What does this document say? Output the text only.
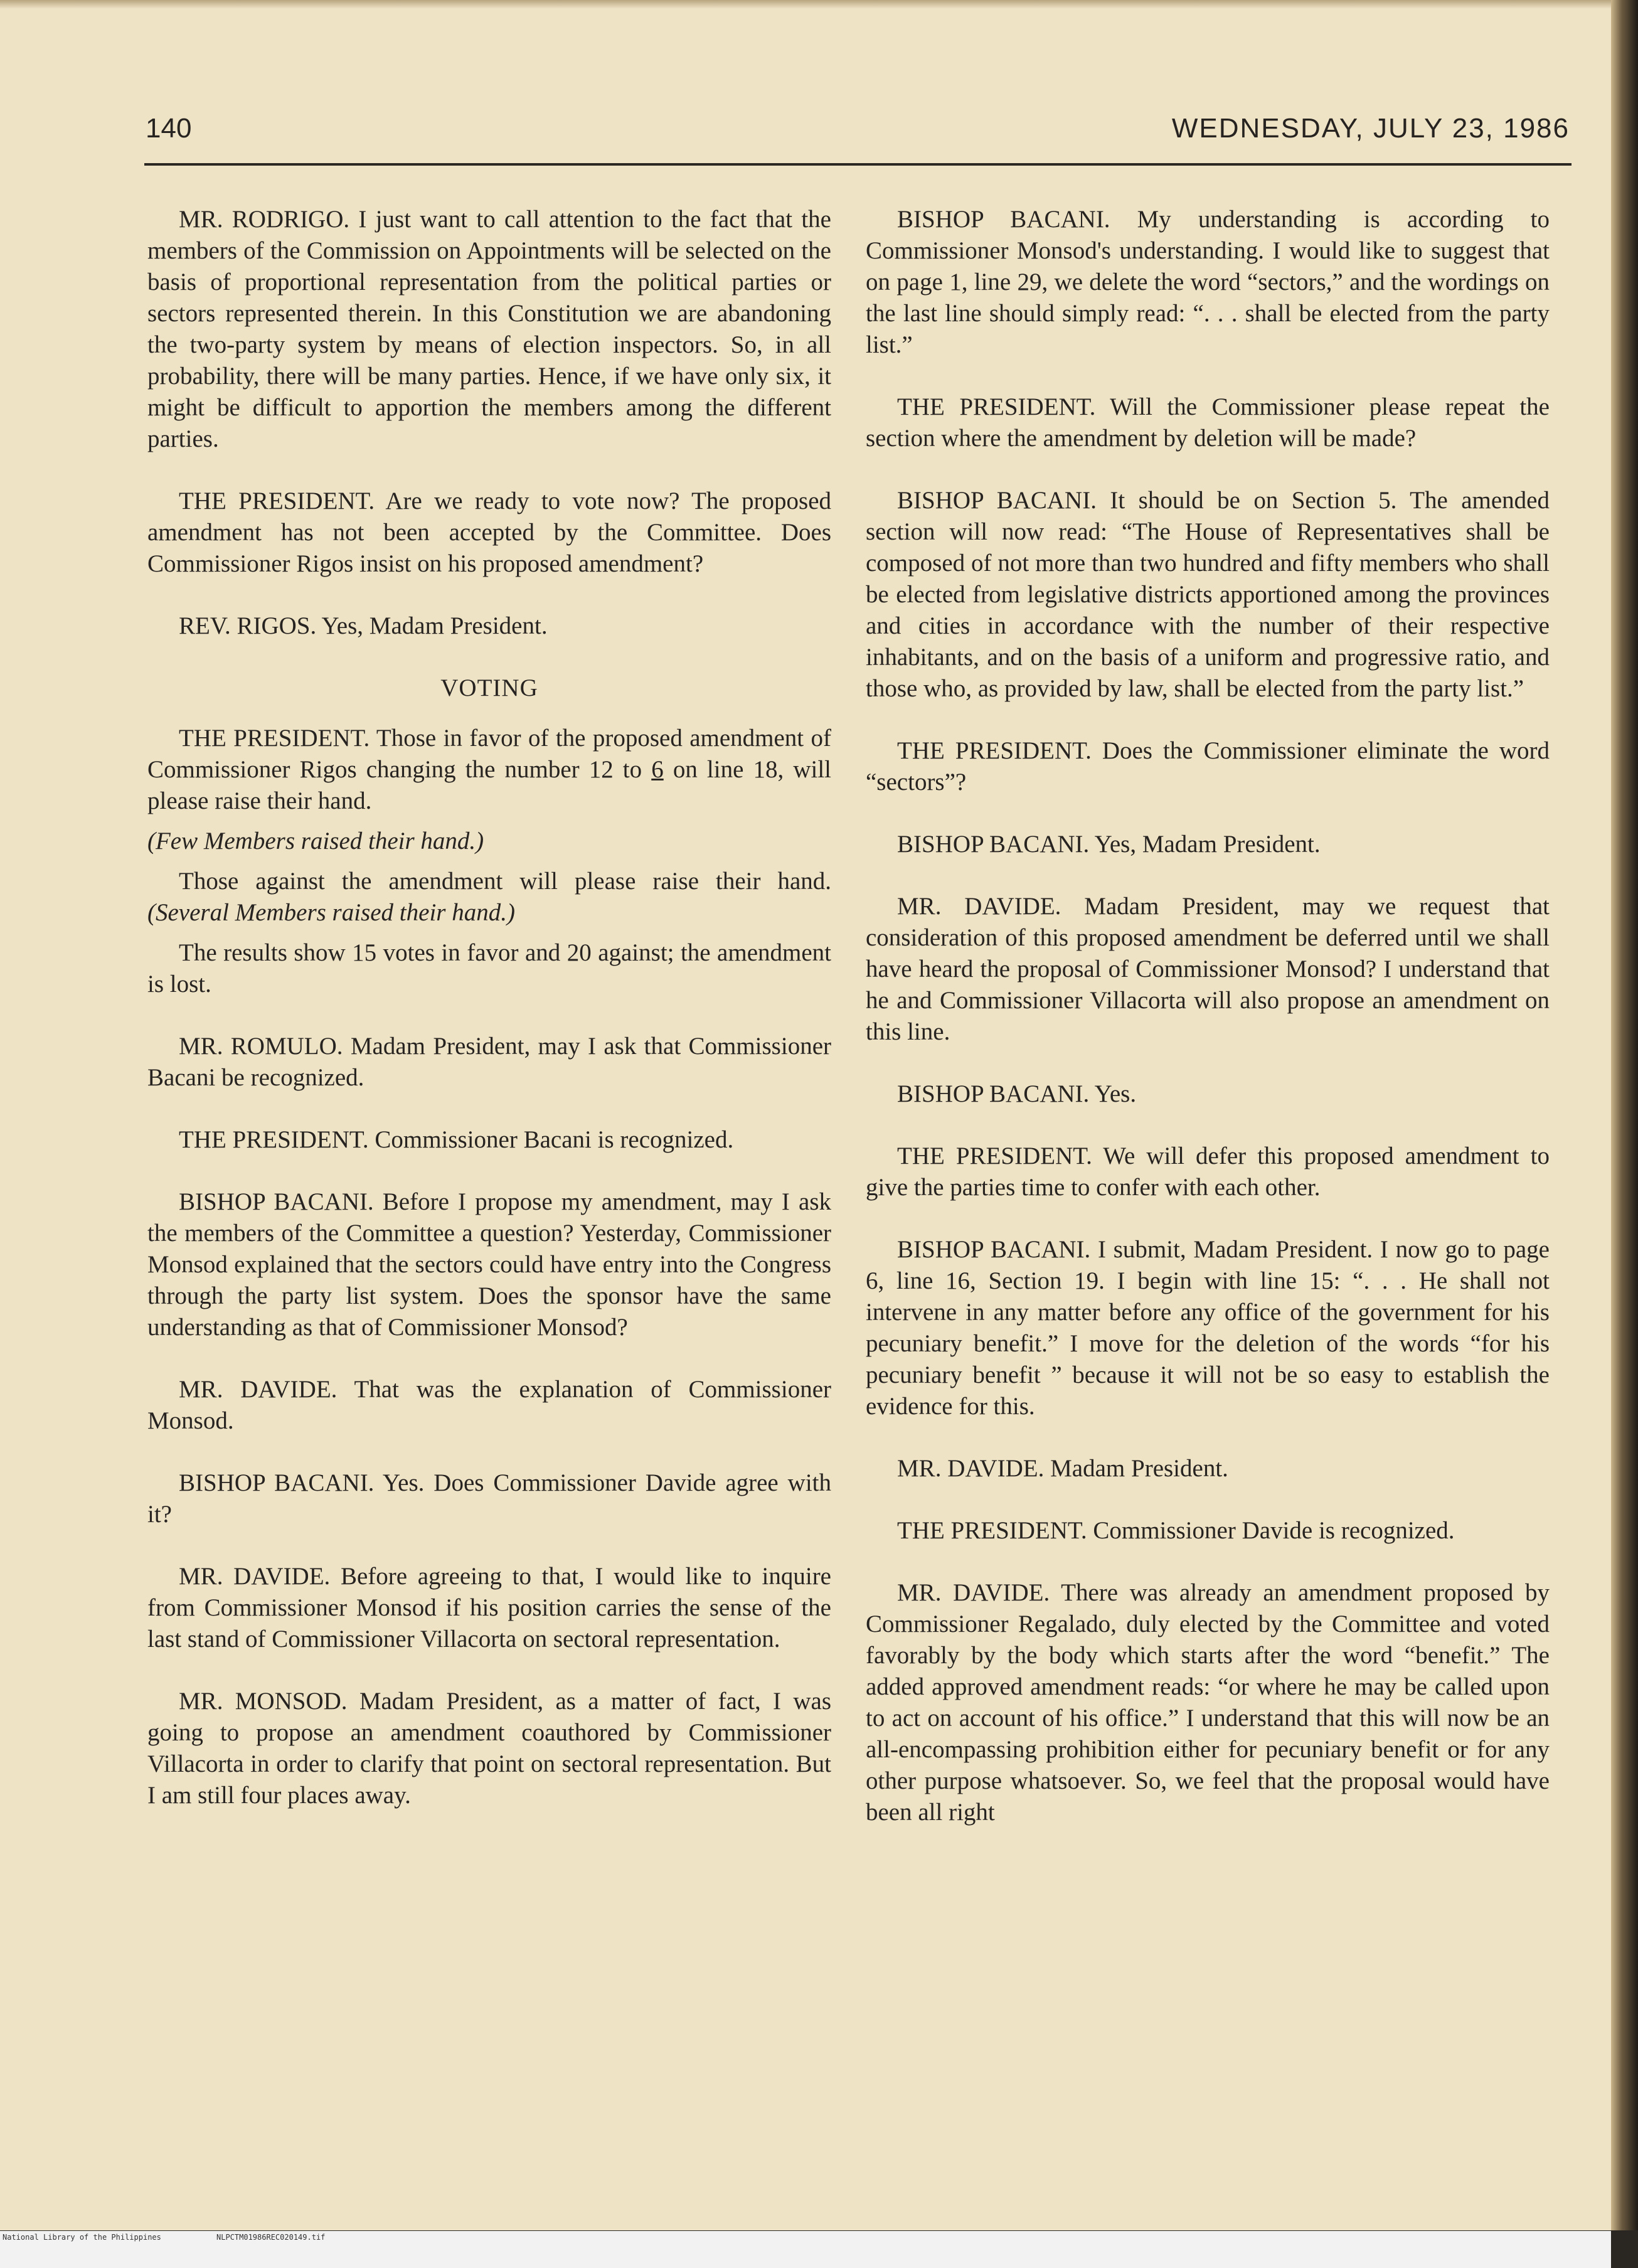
140	WEDNESDAY, JULY 23, 1986

MR. RODRIGO. I just want to call attention to the fact that the members of the Commission on Appointments will be selected on the basis of proportional representation from the political parties or sectors represented therein. In this Constitution we are abandoning the two-party system by means of election inspectors. So, in all probability, there will be many parties. Hence, if we have only six, it might be difficult to apportion the members among the different parties.

THE PRESIDENT. Are we ready to vote now? The proposed amendment has not been accepted by the Committee. Does Commissioner Rigos insist on his proposed amendment?

REV. RIGOS. Yes, Madam President.

VOTING

THE PRESIDENT. Those in favor of the proposed amendment of Commissioner Rigos changing the number 12 to 6 on line 18, will please raise their hand.

(Few Members raised their hand.)

Those against the amendment will please raise their hand. (Several Members raised their hand.)

The results show 15 votes in favor and 20 against; the amendment is lost.

MR. ROMULO. Madam President, may I ask that Commissioner Bacani be recognized.

THE PRESIDENT. Commissioner Bacani is recognized.

BISHOP BACANI. Before I propose my amendment, may I ask the members of the Committee a question? Yesterday, Commissioner Monsod explained that the sectors could have entry into the Congress through the party list system. Does the sponsor have the same understanding as that of Commissioner Monsod?

MR. DAVIDE. That was the explanation of Commissioner Monsod.

BISHOP BACANI. Yes. Does Commissioner Davide agree with it?

MR. DAVIDE. Before agreeing to that, I would like to inquire from Commissioner Monsod if his position carries the sense of the last stand of Commissioner Villacorta on sectoral representation.

MR. MONSOD. Madam President, as a matter of fact, I was going to propose an amendment coauthored by Commissioner Villacorta in order to clarify that point on sectoral representation. But I am still four places away.

BISHOP BACANI. My understanding is according to Commissioner Monsod's understanding. I would like to suggest that on page 1, line 29, we delete the word “sectors,” and the wordings on the last line should simply read: “. . . shall be elected from the party list.”

THE PRESIDENT. Will the Commissioner please repeat the section where the amendment by deletion will be made?

BISHOP BACANI. It should be on Section 5. The amended section will now read: “The House of Representatives shall be composed of not more than two hundred and fifty members who shall be elected from legislative districts apportioned among the provinces and cities in accordance with the number of their respective inhabitants, and on the basis of a uniform and progressive ratio, and those who, as provided by law, shall be elected from the party list.”

THE PRESIDENT. Does the Commissioner eliminate the word “sectors”?

BISHOP BACANI. Yes, Madam President.

MR. DAVIDE. Madam President, may we request that consideration of this proposed amendment be deferred until we shall have heard the proposal of Commissioner Monsod? I understand that he and Commissioner Villacorta will also propose an amendment on this line.

BISHOP BACANI. Yes.

THE PRESIDENT. We will defer this proposed amendment to give the parties time to confer with each other.

BISHOP BACANI. I submit, Madam President. I now go to page 6, line 16, Section 19. I begin with line 15: “. . . He shall not intervene in any matter before any office of the government for his pecuniary benefit.” I move for the deletion of the words “for his pecuniary benefit ” because it will not be so easy to establish the evidence for this.

MR. DAVIDE. Madam President.

THE PRESIDENT. Commissioner Davide is recognized.

MR. DAVIDE. There was already an amendment proposed by Commissioner Regalado, duly elected by the Committee and voted favorably by the body which starts after the word “benefit.” The added approved amendment reads: “or where he may be called upon to act on account of his office.” I understand that this will now be an all-encompassing prohibition either for pecuniary benefit or for any other purpose whatsoever. So, we feel that the proposal would have been all right

National Library of the Philippines	NLPCTM01986REC020149.tif
